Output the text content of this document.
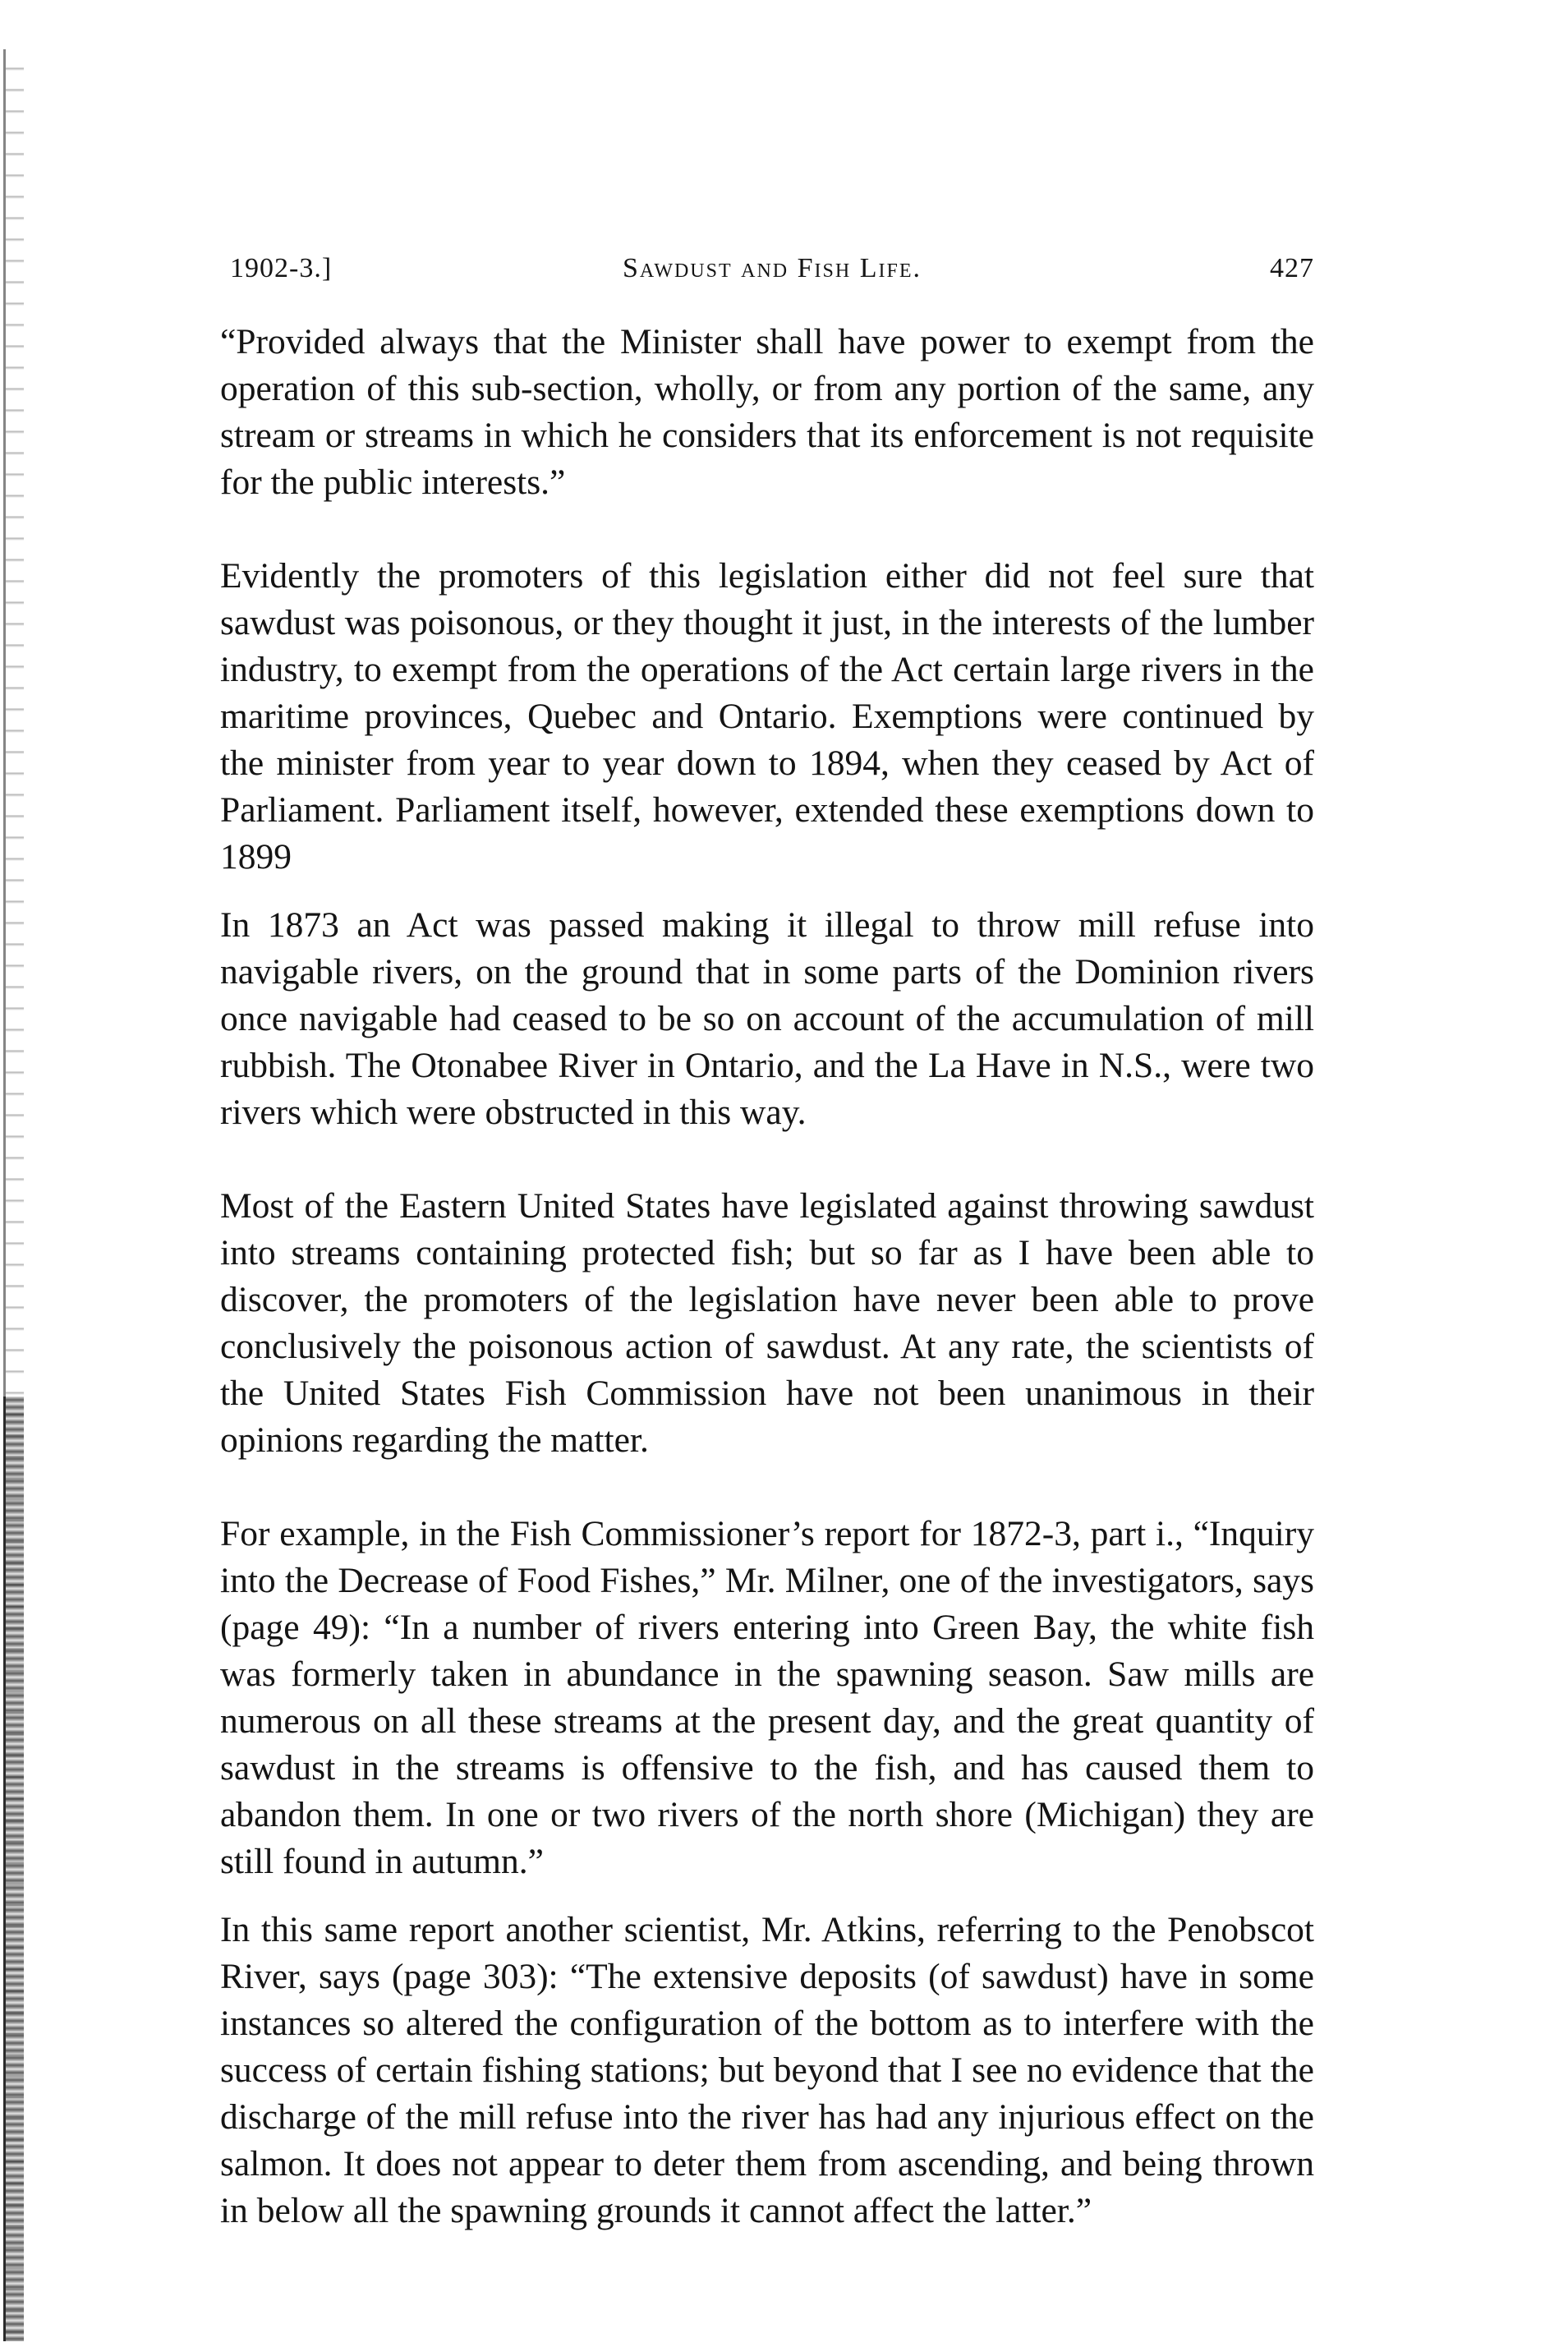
1902-3.]	Sawdust and Fish Life.	427

“Provided always that the Minister shall have power to exempt from the operation of this sub-section, wholly, or from any portion of the same, any stream or streams in which he considers that its enforcement is not requisite for the public interests.”

Evidently the promoters of this legislation either did not feel sure that sawdust was poisonous, or they thought it just, in the interests of the lumber industry, to exempt from the operations of the Act certain large rivers in the maritime provinces, Quebec and Ontario. Exemptions were continued by the minister from year to year down to 1894, when they ceased by Act of Parliament. Parliament itself, however, extended these exemptions down to 1899

In 1873 an Act was passed making it illegal to throw mill refuse into navigable rivers, on the ground that in some parts of the Dominion rivers once navigable had ceased to be so on account of the accumulation of mill rubbish. The Otonabee River in Ontario, and the La Have in N.S., were two rivers which were obstructed in this way.

Most of the Eastern United States have legislated against throwing sawdust into streams containing protected fish; but so far as I have been able to discover, the promoters of the legislation have never been able to prove conclusively the poisonous action of sawdust. At any rate, the scientists of the United States Fish Commission have not been unanimous in their opinions regarding the matter.

For example, in the Fish Commissioner’s report for 1872-3, part i., “Inquiry into the Decrease of Food Fishes,” Mr. Milner, one of the investigators, says (page 49): “In a number of rivers entering into Green Bay, the white fish was formerly taken in abundance in the spawning season. Saw mills are numerous on all these streams at the present day, and the great quantity of sawdust in the streams is offensive to the fish, and has caused them to abandon them. In one or two rivers of the north shore (Michigan) they are still found in autumn.”

In this same report another scientist, Mr. Atkins, referring to the Penobscot River, says (page 303): “The extensive deposits (of sawdust) have in some instances so altered the configuration of the bottom as to interfere with the success of certain fishing stations; but beyond that I see no evidence that the discharge of the mill refuse into the river has had any injurious effect on the salmon. It does not appear to deter them from ascending, and being thrown in below all the spawning grounds it cannot affect the latter.”
